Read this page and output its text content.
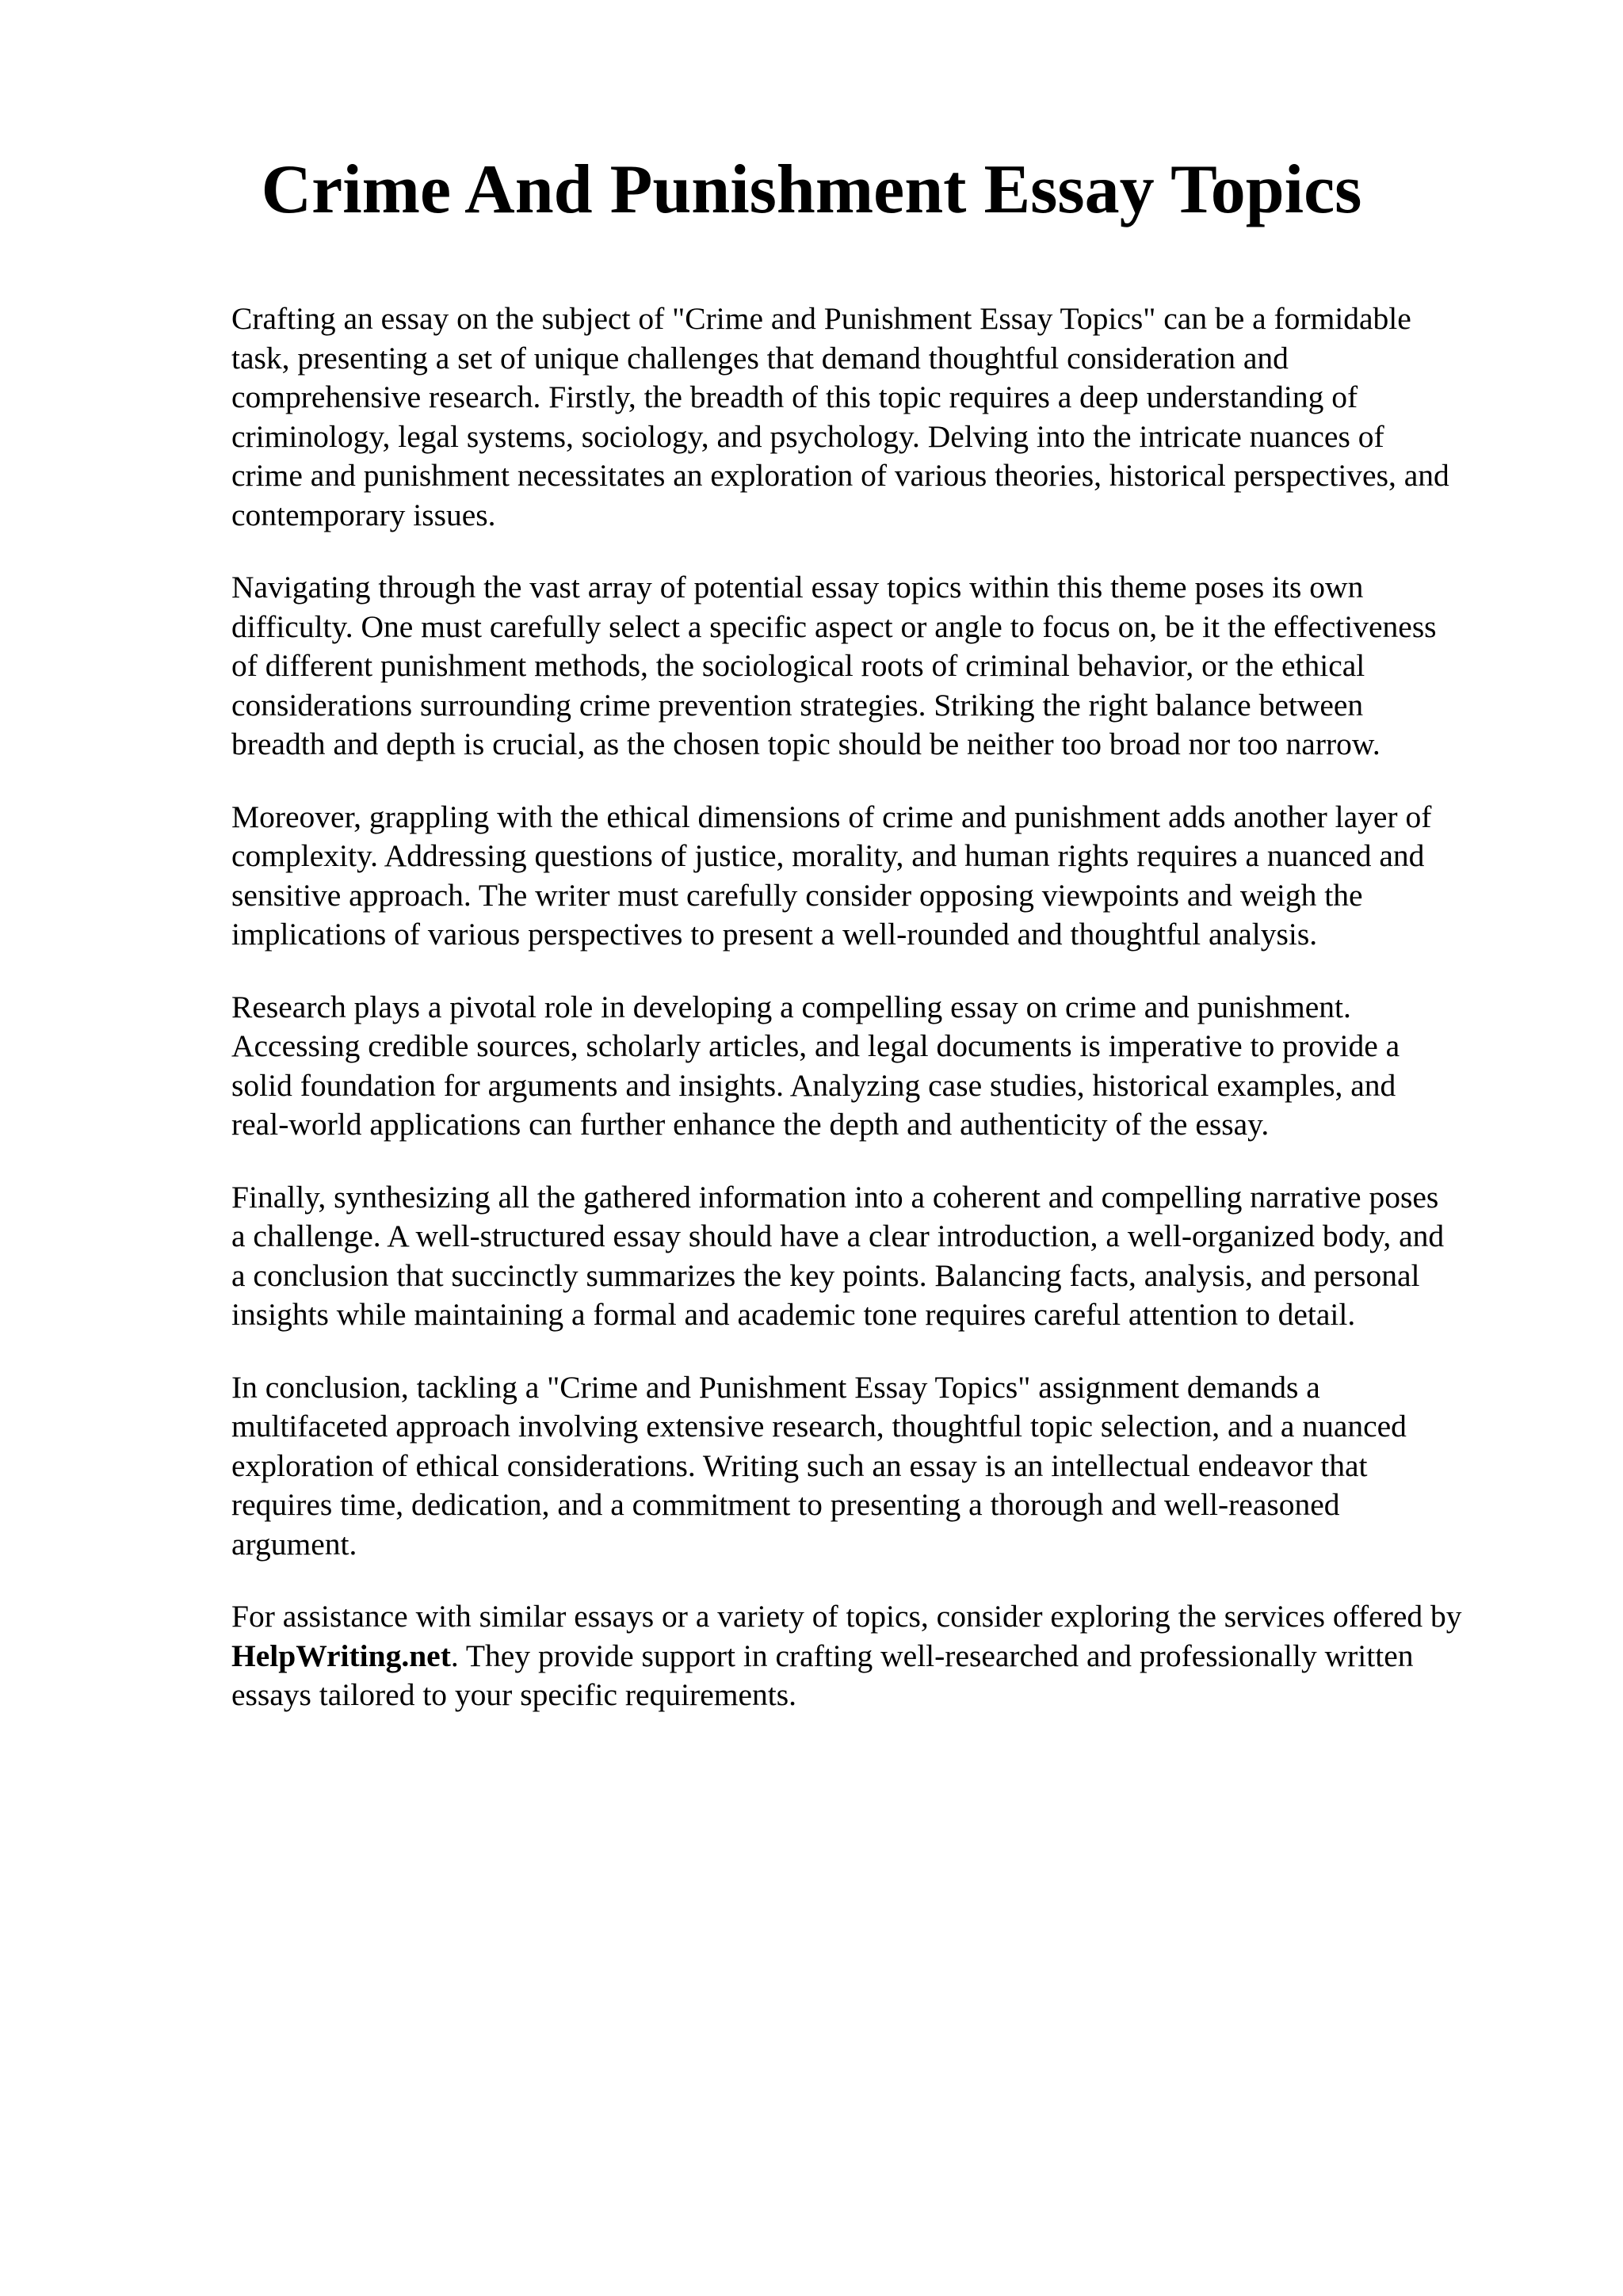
Crime And Punishment Essay Topics

Crafting an essay on the subject of "Crime and Punishment Essay Topics" can be a formidable
task, presenting a set of unique challenges that demand thoughtful consideration and
comprehensive research. Firstly, the breadth of this topic requires a deep understanding of
criminology, legal systems, sociology, and psychology. Delving into the intricate nuances of
crime and punishment necessitates an exploration of various theories, historical perspectives, and
contemporary issues.

Navigating through the vast array of potential essay topics within this theme poses its own
difficulty. One must carefully select a specific aspect or angle to focus on, be it the effectiveness
of different punishment methods, the sociological roots of criminal behavior, or the ethical
considerations surrounding crime prevention strategies. Striking the right balance between
breadth and depth is crucial, as the chosen topic should be neither too broad nor too narrow.

Moreover, grappling with the ethical dimensions of crime and punishment adds another layer of
complexity. Addressing questions of justice, morality, and human rights requires a nuanced and
sensitive approach. The writer must carefully consider opposing viewpoints and weigh the
implications of various perspectives to present a well-rounded and thoughtful analysis.

Research plays a pivotal role in developing a compelling essay on crime and punishment.
Accessing credible sources, scholarly articles, and legal documents is imperative to provide a
solid foundation for arguments and insights. Analyzing case studies, historical examples, and
real-world applications can further enhance the depth and authenticity of the essay.

Finally, synthesizing all the gathered information into a coherent and compelling narrative poses
a challenge. A well-structured essay should have a clear introduction, a well-organized body, and
a conclusion that succinctly summarizes the key points. Balancing facts, analysis, and personal
insights while maintaining a formal and academic tone requires careful attention to detail.

In conclusion, tackling a "Crime and Punishment Essay Topics" assignment demands a
multifaceted approach involving extensive research, thoughtful topic selection, and a nuanced
exploration of ethical considerations. Writing such an essay is an intellectual endeavor that
requires time, dedication, and a commitment to presenting a thorough and well-reasoned
argument.

For assistance with similar essays or a variety of topics, consider exploring the services offered by
HelpWriting.net. They provide support in crafting well-researched and professionally written
essays tailored to your specific requirements.
